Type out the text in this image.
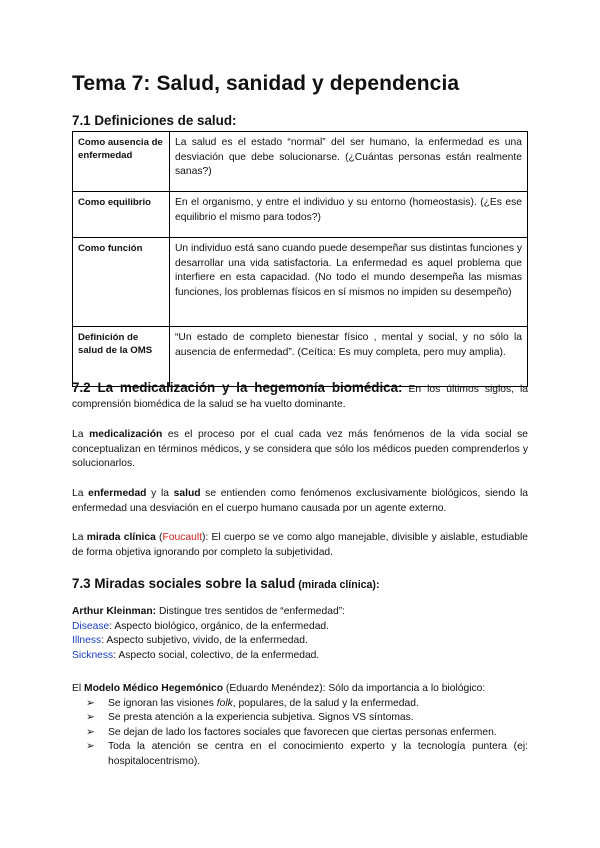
Tema 7: Salud, sanidad y dependencia
7.1 Definiciones de salud:
Como ausencia de enfermedad	La salud es el estado “normal” del ser humano, la enfermedad es una desviación que debe solucionarse. (¿Cuántas personas están realmente sanas?)
Como equilibrio	En el organismo, y entre el individuo y su entorno (homeostasis). (¿Es ese equilibrio el mismo para todos?)
Como función	Un individuo está sano cuando puede desempeñar sus distintas funciones y desarrollar una vida satisfactoria. La enfermedad es aquel problema que interfiere en esta capacidad. (No todo el mundo desempeña las mismas funciones, los problemas físicos en sí mismos no impiden su desempeño)
Definición de salud de la OMS	“Un estado de completo bienestar físico , mental y social, y no sólo la ausencia de enfermedad”. (Ceítica: Es muy completa, pero muy amplia).

7.2 La medicalización y la hegemonía biomédica: En los últimos siglos, la comprensión biomédica de la salud se ha vuelto dominante.

La medicalización es el proceso por el cual cada vez más fenómenos de la vida social se conceptualizan en términos médicos, y se considera que sólo los médicos pueden comprenderlos y solucionarlos.

La enfermedad y la salud se entienden como fenómenos exclusivamente biológicos, siendo la enfermedad una desviación en el cuerpo humano causada por un agente externo.

La mirada clínica (Foucault): El cuerpo se ve como algo manejable, divisible y aislable, estudiable de forma objetiva ignorando por completo la subjetividad.

7.3 Miradas sociales sobre la salud (mirada clínica):

Arthur Kleinman: Distingue tres sentidos de “enfermedad”:
Disease: Aspecto biológico, orgánico, de la enfermedad.
Illness: Aspecto subjetivo, vivido, de la enfermedad.
Sickness: Aspecto social, colectivo, de la enfermedad.
El Modelo Médico Hegemónico (Eduardo Menéndez): Sólo da importancia a lo biológico:
➢ Se ignoran las visiones folk, populares, de la salud y la enfermedad.
➢ Se presta atención a la experiencia subjetiva. Signos VS síntomas.
➢ Se dejan de lado los factores sociales que favorecen que ciertas personas enfermen.
➢ Toda la atención se centra en el conocimiento experto y la tecnología puntera (ej: hospitalocentrismo).
